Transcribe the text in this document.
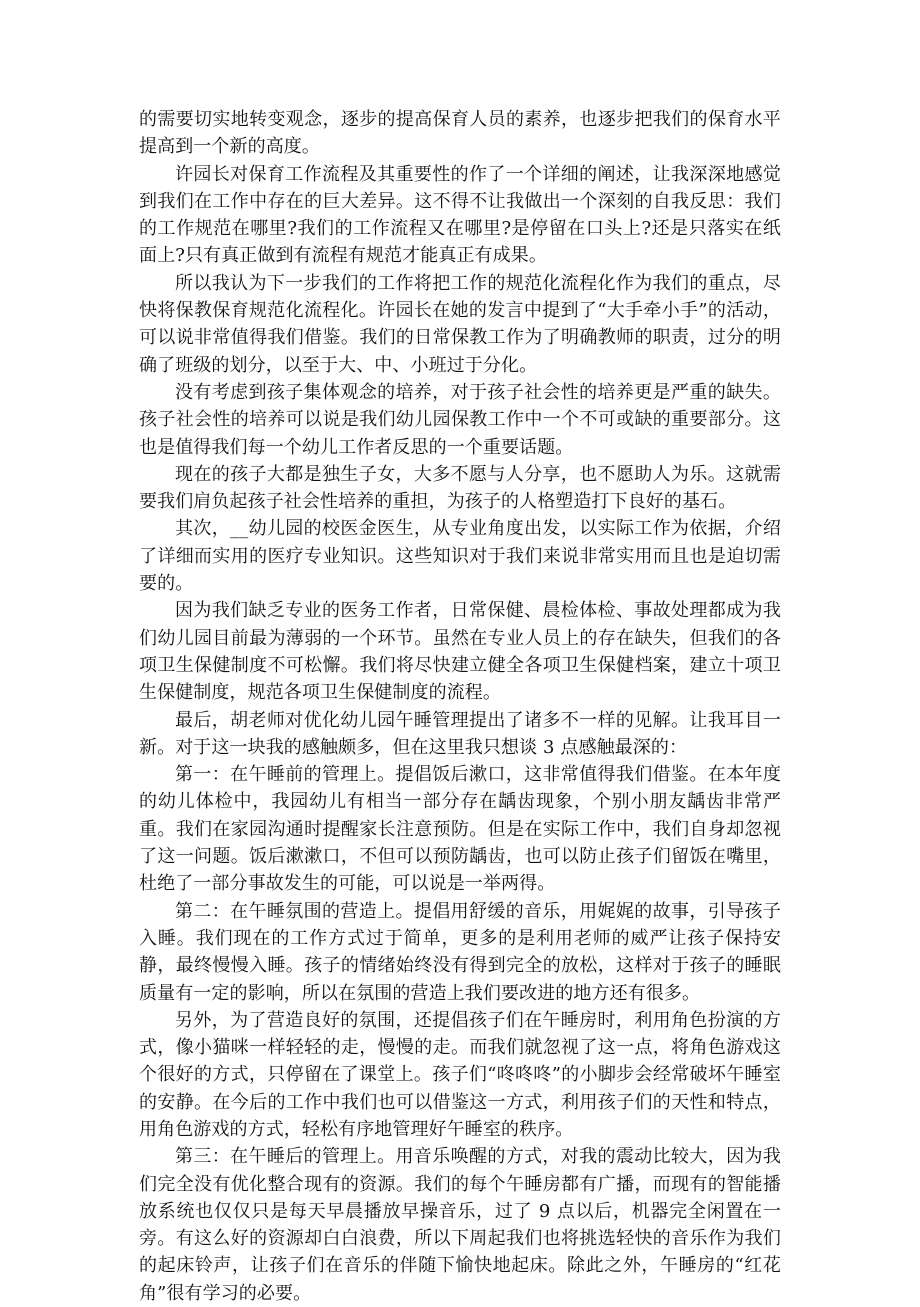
的需要切实地转变观念，逐步的提高保育人员的素养，也逐步把我们的保育水平提高到一个新的高度。

许园长对保育工作流程及其重要性的作了一个详细的阐述，让我深深地感觉到我们在工作中存在的巨大差异。这不得不让我做出一个深刻的自我反思：我们的工作规范在哪里?我们的工作流程又在哪里?是停留在口头上?还是只落实在纸面上?只有真正做到有流程有规范才能真正有成果。

所以我认为下一步我们的工作将把工作的规范化流程化作为我们的重点，尽快将保教保育规范化流程化。许园长在她的发言中提到了“大手牵小手”的活动，可以说非常值得我们借鉴。我们的日常保教工作为了明确教师的职责，过分的明确了班级的划分，以至于大、中、小班过于分化。

没有考虑到孩子集体观念的培养，对于孩子社会性的培养更是严重的缺失。孩子社会性的培养可以说是我们幼儿园保教工作中一个不可或缺的重要部分。这也是值得我们每一个幼儿工作者反思的一个重要话题。

现在的孩子大都是独生子女，大多不愿与人分享，也不愿助人为乐。这就需要我们肩负起孩子社会性培养的重担，为孩子的人格塑造打下良好的基石。

其次，__幼儿园的校医金医生，从专业角度出发，以实际工作为依据，介绍了详细而实用的医疗专业知识。这些知识对于我们来说非常实用而且也是迫切需要的。

因为我们缺乏专业的医务工作者，日常保健、晨检体检、事故处理都成为我们幼儿园目前最为薄弱的一个环节。虽然在专业人员上的存在缺失，但我们的各项卫生保健制度不可松懈。我们将尽快建立健全各项卫生保健档案，建立十项卫生保健制度，规范各项卫生保健制度的流程。

最后，胡老师对优化幼儿园午睡管理提出了诸多不一样的见解。让我耳目一新。对于这一块我的感触颇多，但在这里我只想谈 3 点感触最深的：

第一：在午睡前的管理上。提倡饭后漱口，这非常值得我们借鉴。在本年度的幼儿体检中，我园幼儿有相当一部分存在龋齿现象，个别小朋友龋齿非常严重。我们在家园沟通时提醒家长注意预防。但是在实际工作中，我们自身却忽视了这一问题。饭后漱漱口，不但可以预防龋齿，也可以防止孩子们留饭在嘴里，杜绝了一部分事故发生的可能，可以说是一举两得。

第二：在午睡氛围的营造上。提倡用舒缓的音乐，用娓娓的故事，引导孩子入睡。我们现在的工作方式过于简单，更多的是利用老师的威严让孩子保持安静，最终慢慢入睡。孩子的情绪始终没有得到完全的放松，这样对于孩子的睡眠质量有一定的影响，所以在氛围的营造上我们要改进的地方还有很多。

另外，为了营造良好的氛围，还提倡孩子们在午睡房时，利用角色扮演的方式，像小猫咪一样轻轻的走，慢慢的走。而我们就忽视了这一点，将角色游戏这个很好的方式，只停留在了课堂上。孩子们“咚咚咚”的小脚步会经常破坏午睡室的安静。在今后的工作中我们也可以借鉴这一方式，利用孩子们的天性和特点，用角色游戏的方式，轻松有序地管理好午睡室的秩序。

第三：在午睡后的管理上。用音乐唤醒的方式，对我的震动比较大，因为我们完全没有优化整合现有的资源。我们的每个午睡房都有广播，而现有的智能播放系统也仅仅只是每天早晨播放早操音乐，过了 9 点以后，机器完全闲置在一旁。有这么好的资源却白白浪费，所以下周起我们也将挑选轻快的音乐作为我们的起床铃声，让孩子们在音乐的伴随下愉快地起床。除此之外，午睡房的“红花角”很有学习的必要。
